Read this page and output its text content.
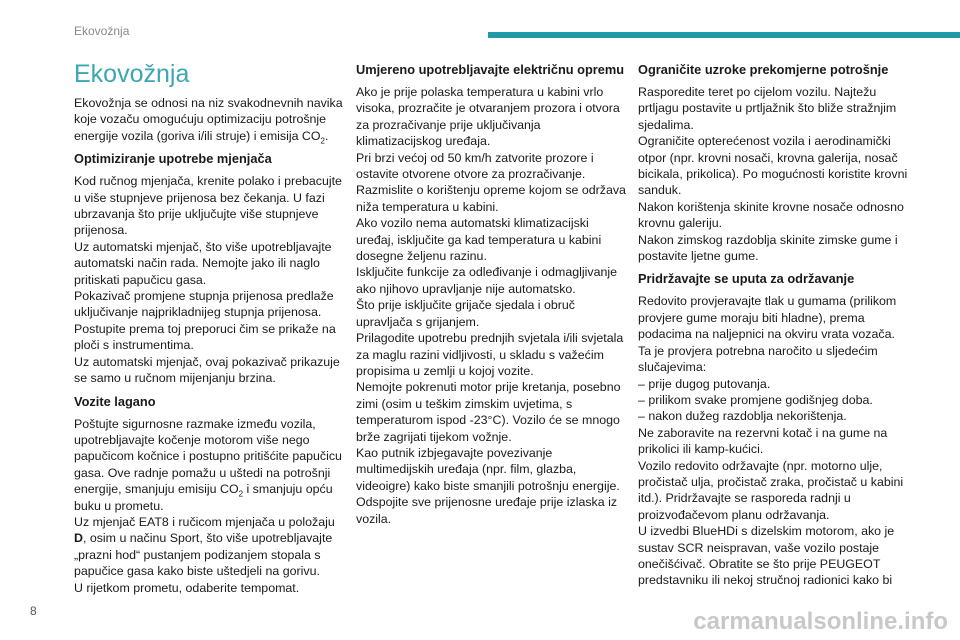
Ekovožnja
Ekovožnja

Ekovožnja se odnosi na niz svakodnevnih navika koje vozaču omogućuju optimizaciju potrošnje energije vozila (goriva i/ili struje) i emisija $CO_2$.

Optimiziranje upotrebe mjenjača

Kod ručnog mjenjača, krenite polako i prebacujte u više stupnjeve prijenosa bez čekanja. U fazi ubrzavanja što prije uključujte više stupnjeve prijenosa.
Uz automatski mjenjač, što više upotrebljavajte automatski način rada. Nemojte jako ili naglo pritiskati papučicu gasa.
Pokazivač promjene stupnja prijenosa predlaže uključivanje najprikladnijeg stupnja prijenosa. Postupite prema toj preporuci čim se prikaže na ploči s instrumentima.
Uz automatski mjenjač, ovaj pokazivač prikazuje se samo u ručnom mijenjanju brzina.

Vozite lagano

Poštujte sigurnosne razmake između vozila, upotrebljavajte kočenje motorom više nego papučicom kočnice i postupno pritišćite papučicu gasa. Ove radnje pomažu u uštedi na potrošnji energije, smanjuju emisiju $CO_2$ i smanjuju opću buku u prometu.
Uz mjenjač EAT8 i ručicom mjenjača u položaju D, osim u načinu Sport, što više upotrebljavajte „prazni hod“ pustanjem podizanjem stopala s papučice gasa kako biste uštedjeli na gorivu.
U rijetkom prometu, odaberite tempomat.

Umjereno upotrebljavajte električnu opremu

Ako je prije polaska temperatura u kabini vrlo visoka, prozračite je otvaranjem prozora i otvora za prozračivanje prije uključivanja klimatizacijskog uređaja.
Pri brzi većoj od 50 km/h zatvorite prozore i ostavite otvorene otvore za prozračivanje.
Razmislite o korištenju opreme kojom se održava niža temperatura u kabini.
Ako vozilo nema automatski klimatizacijski uređaj, isključite ga kad temperatura u kabini dosegne željenu razinu.
Isključite funkcije za odleđivanje i odmagljivanje ako njihovo upravljanje nije automatsko.
Što prije isključite grijače sjedala i obruč upravljača s grijanjem.
Prilagodite upotrebu prednjih svjetala i/ili svjetala za maglu razini vidljivosti, u skladu s važećim propisima u zemlji u kojoj vozite.
Nemojte pokrenuti motor prije kretanja, posebno zimi (osim u teškim zimskim uvjetima, s temperaturom ispod -23°C). Vozilo će se mnogo brže zagrijati tijekom vožnje.
Kao putnik izbjegavajte povezivanje multimedijskih uređaja (npr. film, glazba, videoigre) kako biste smanjili potrošnju energije.
Odspojite sve prijenosne uređaje prije izlaska iz vozila.

Ograničite uzroke prekomjerne potrošnje

Rasporedite teret po cijelom vozilu. Najtežu prtljagu postavite u prtljažnik što bliže stražnjim sjedalima.
Ograničite opterećenost vozila i aerodinamički otpor (npr. krovni nosači, krovna galerija, nosač bicikala, prikolica). Po mogućnosti koristite krovni sanduk.
Nakon korištenja skinite krovne nosače odnosno krovnu galeriju.
Nakon zimskog razdoblja skinite zimske gume i postavite ljetne gume.

Pridržavajte se uputa za održavanje

Redovito provjeravajte tlak u gumama (prilikom provjere gume moraju biti hladne), prema podacima na naljepnici na okviru vrata vozača.
Ta je provjera potrebna naročito u sljedećim slučajevima:
– prije dugog putovanja.
– prilikom svake promjene godišnjeg doba.
– nakon dužeg razdoblja nekorištenja.
Ne zaboravite na rezervni kotač i na gume na prikolici ili kamp-kućici.
Vozilo redovito održavajte (npr. motorno ulje, pročistač ulja, pročistač zraka, pročistač u kabini itd.). Pridržavajte se rasporeda radnji u proizvođačevom planu održavanja.
U izvedbi BlueHDi s dizelskim motorom, ako je sustav SCR neispravan, vaše vozilo postaje onečišćivač. Obratite se što prije PEUGEOT predstavniku ili nekoj stručnoj radionici kako bi

8	carmanualsonline.info
